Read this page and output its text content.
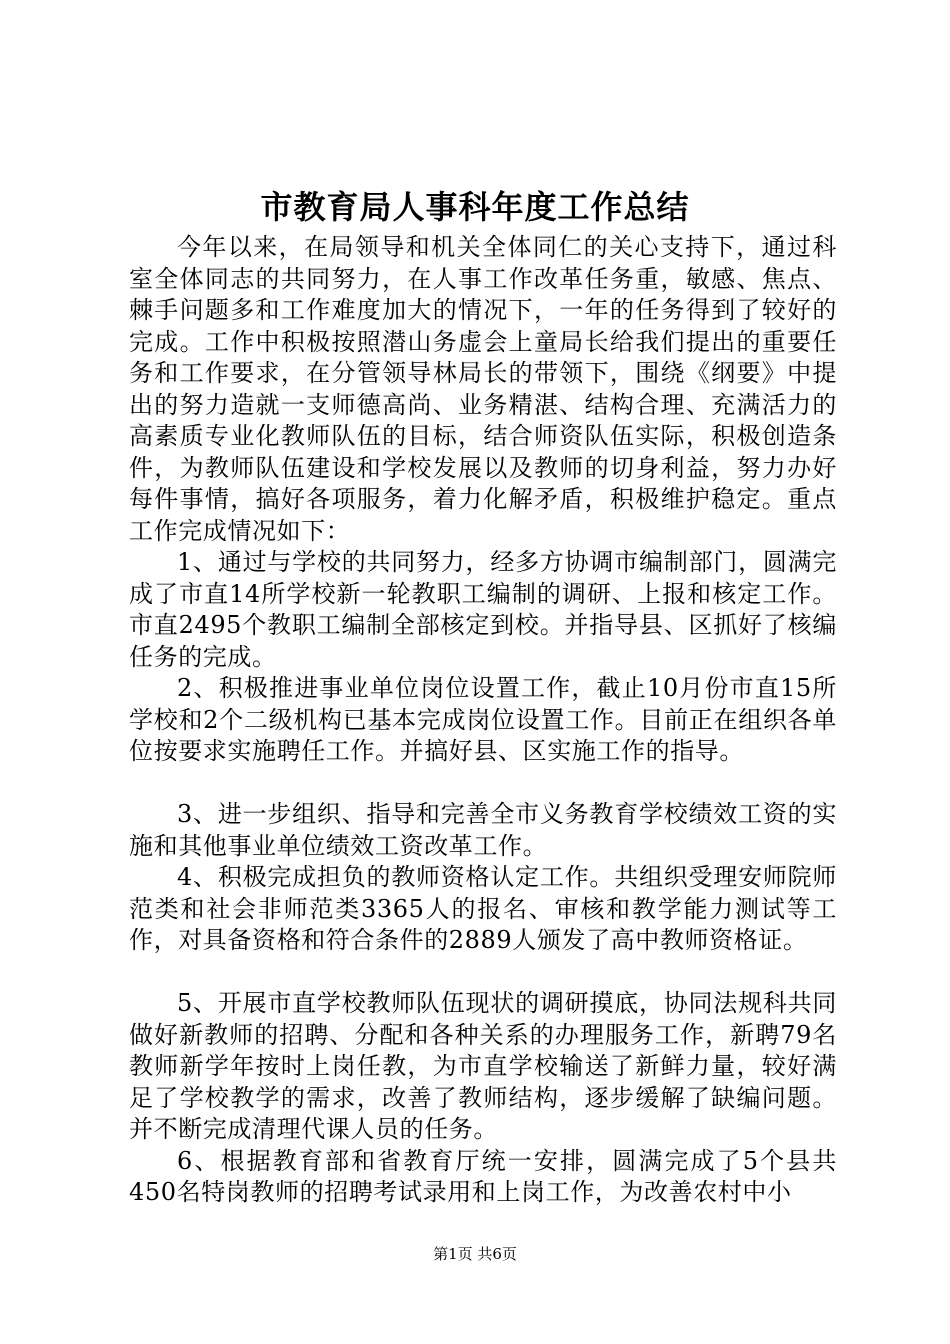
市教育局人事科年度工作总结

今年以来，在局领导和机关全体同仁的关心支持下，通过科室全体同志的共同努力，在人事工作改革任务重，敏感、焦点、棘手问题多和工作难度加大的情况下，一年的任务得到了较好的完成。工作中积极按照潜山务虚会上童局长给我们提出的重要任务和工作要求，在分管领导林局长的带领下，围绕《纲要》中提出的努力造就一支师德高尚、业务精湛、结构合理、充满活力的高素质专业化教师队伍的目标，结合师资队伍实际，积极创造条件，为教师队伍建设和学校发展以及教师的切身利益，努力办好每件事情，搞好各项服务，着力化解矛盾，积极维护稳定。重点工作完成情况如下：

1、通过与学校的共同努力，经多方协调市编制部门，圆满完成了市直14所学校新一轮教职工编制的调研、上报和核定工作。市直2495个教职工编制全部核定到校。并指导县、区抓好了核编任务的完成。

2、积极推进事业单位岗位设置工作，截止10月份市直15所学校和2个二级机构已基本完成岗位设置工作。目前正在组织各单位按要求实施聘任工作。并搞好县、区实施工作的指导。

3、进一步组织、指导和完善全市义务教育学校绩效工资的实施和其他事业单位绩效工资改革工作。

4、积极完成担负的教师资格认定工作。共组织受理安师院师范类和社会非师范类3365人的报名、审核和教学能力测试等工作，对具备资格和符合条件的2889人颁发了高中教师资格证。

5、开展市直学校教师队伍现状的调研摸底，协同法规科共同做好新教师的招聘、分配和各种关系的办理服务工作，新聘79名教师新学年按时上岗任教，为市直学校输送了新鲜力量，较好满足了学校教学的需求，改善了教师结构，逐步缓解了缺编问题。并不断完成清理代课人员的任务。

6、根据教育部和省教育厅统一安排，圆满完成了5个县共450名特岗教师的招聘考试录用和上岗工作，为改善农村中小

第1页 共6页
